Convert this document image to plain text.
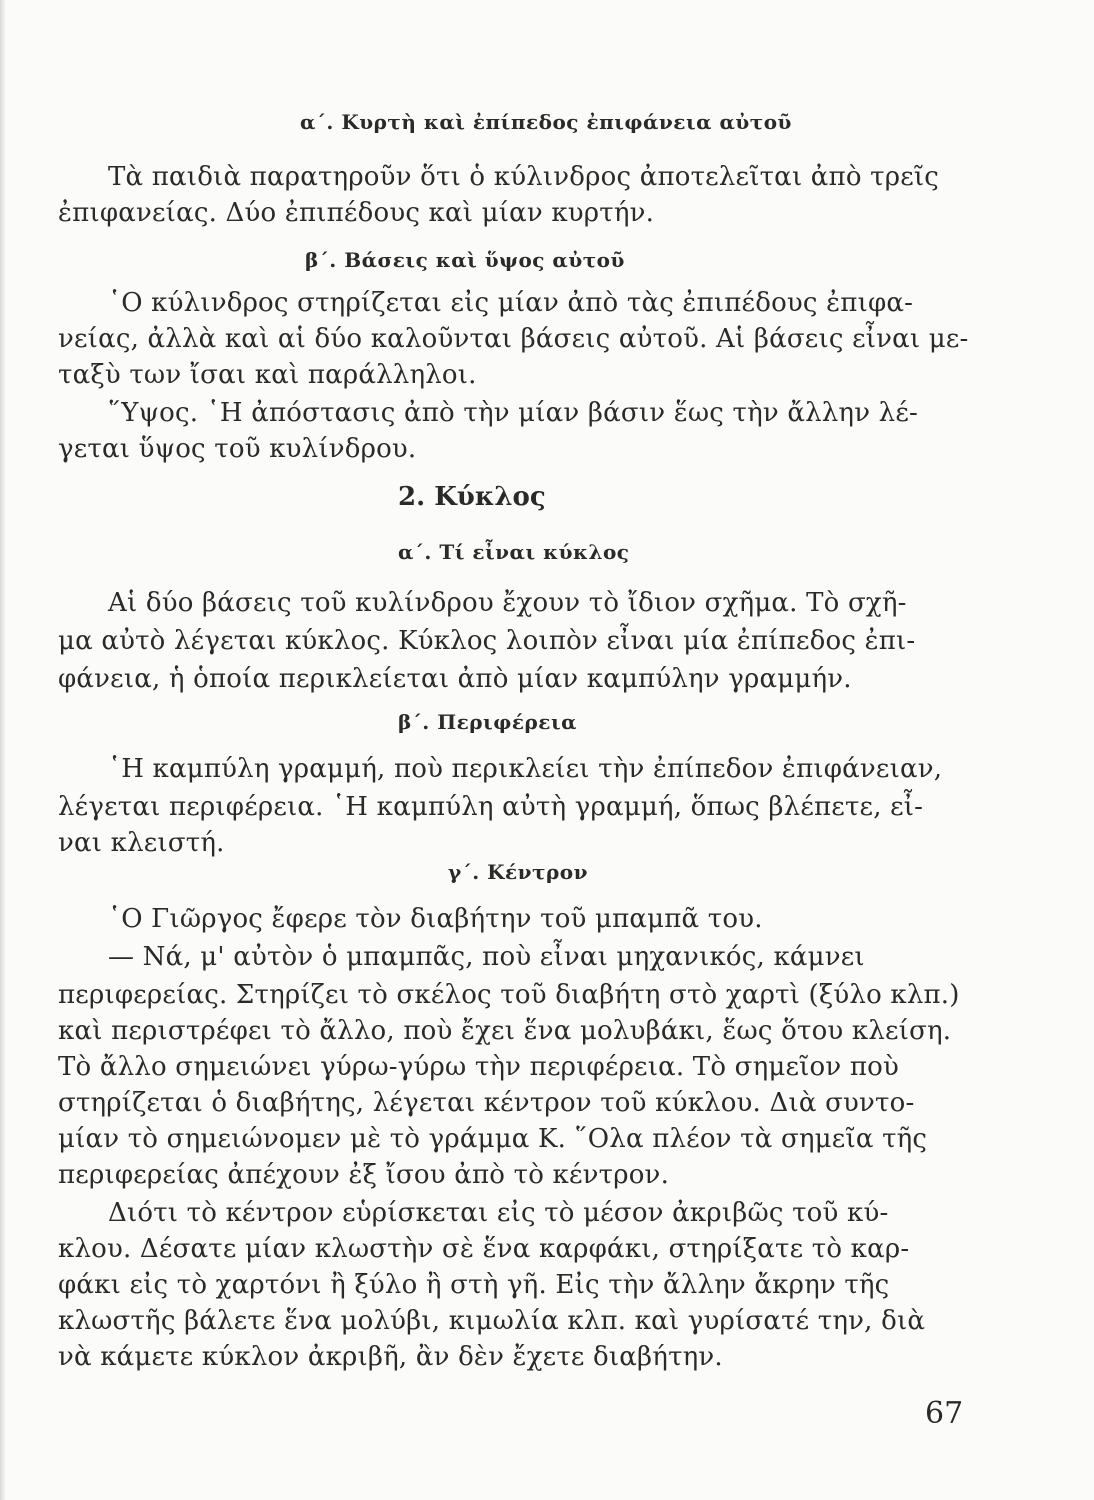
α΄. Κυρτὴ καὶ ἐπίπεδος ἐπιφάνεια αὐτοῦ
Τὰ παιδιὰ παρατηροῦν ὅτι ὁ κύλινδρος ἀποτελεῖται ἀπὸ τρεῖς
ἐπιφανείας. Δύο ἐπιπέδους καὶ μίαν κυρτήν.
β΄. Βάσεις καὶ ὕψος αὐτοῦ
῾Ο κύλινδρος στηρίζεται εἰς μίαν ἀπὸ τὰς ἐπιπέδους ἐπιφα-
νείας, ἀλλὰ καὶ αἱ δύο καλοῦνται βάσεις αὐτοῦ. Αἱ βάσεις εἶναι με-
ταξὺ των ἴσαι καὶ παράλληλοι.
῞Υψος. ῾Η ἀπόστασις ἀπὸ τὴν μίαν βάσιν ἕως τὴν ἄλλην λέ-
γεται ὕψος τοῦ κυλίνδρου.
2. Κύκλος
α΄. Τί εἶναι κύκλος
Αἱ δύο βάσεις τοῦ κυλίνδρου ἔχουν τὸ ἴδιον σχῆμα. Τὸ σχῆ-
μα αὐτὸ λέγεται κύκλος. Κύκλος λοιπὸν εἶναι μία ἐπίπεδος ἐπι-
φάνεια, ἡ ὁποία περικλείεται ἀπὸ μίαν καμπύλην γραμμήν.
β΄. Περιφέρεια
῾Η καμπύλη γραμμή, ποὺ περικλείει τὴν ἐπίπεδον ἐπιφάνειαν,
λέγεται περιφέρεια. ῾Η καμπύλη αὐτὴ γραμμή, ὅπως βλέπετε, εἶ-
ναι κλειστή.
γ΄. Κέντρον
῾Ο Γιῶργος ἔφερε τὸν διαβήτην τοῦ μπαμπᾶ του.
— Νά, μ' αὐτὸν ὁ μπαμπᾶς, ποὺ εἶναι μηχανικός, κάμνει
περιφερείας. Στηρίζει τὸ σκέλος τοῦ διαβήτη στὸ χαρτὶ (ξύλο κλπ.)
καὶ περιστρέφει τὸ ἄλλο, ποὺ ἔχει ἕνα μολυβάκι, ἕως ὅτου κλείση.
Τὸ ἄλλο σημειώνει γύρω-γύρω τὴν περιφέρεια. Τὸ σημεῖον ποὺ
στηρίζεται ὁ διαβήτης, λέγεται κέντρον τοῦ κύκλου. Διὰ συντο-
μίαν τὸ σημειώνομεν μὲ τὸ γράμμα Κ. ῞Ολα πλέον τὰ σημεῖα τῆς
περιφερείας ἀπέχουν ἐξ ἴσου ἀπὸ τὸ κέντρον.
Διότι τὸ κέντρον εὑρίσκεται εἰς τὸ μέσον ἀκριβῶς τοῦ κύ-
κλου. Δέσατε μίαν κλωστὴν σὲ ἕνα καρφάκι, στηρίξατε τὸ καρ-
φάκι εἰς τὸ χαρτόνι ἢ ξύλο ἢ στὴ γῆ. Εἰς τὴν ἄλλην ἄκρην τῆς
κλωστῆς βάλετε ἕνα μολύβι, κιμωλία κλπ. καὶ γυρίσατέ την, διὰ
νὰ κάμετε κύκλον ἀκριβῆ, ἂν δὲν ἔχετε διαβήτην.
67
